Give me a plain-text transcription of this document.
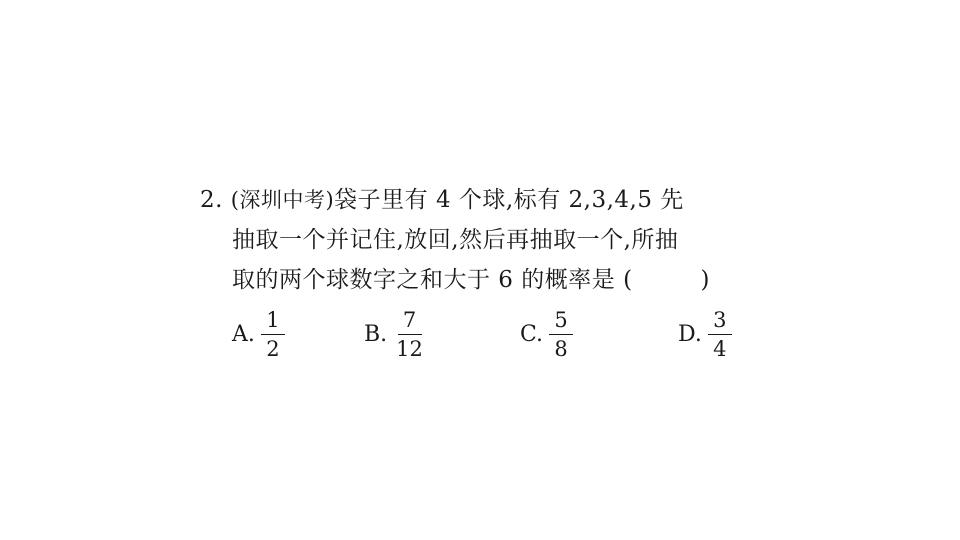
2. (深圳中考)袋子里有 4 个球,标有 2,3,4,5 先
抽取一个并记住,放回,然后再抽取一个,所抽
取的两个球数字之和大于 6 的概率是 (	)
A. $\frac{1}{2}$	B. $\frac{7}{12}$	C. $\frac{5}{8}$	D. $\frac{3}{4}$
